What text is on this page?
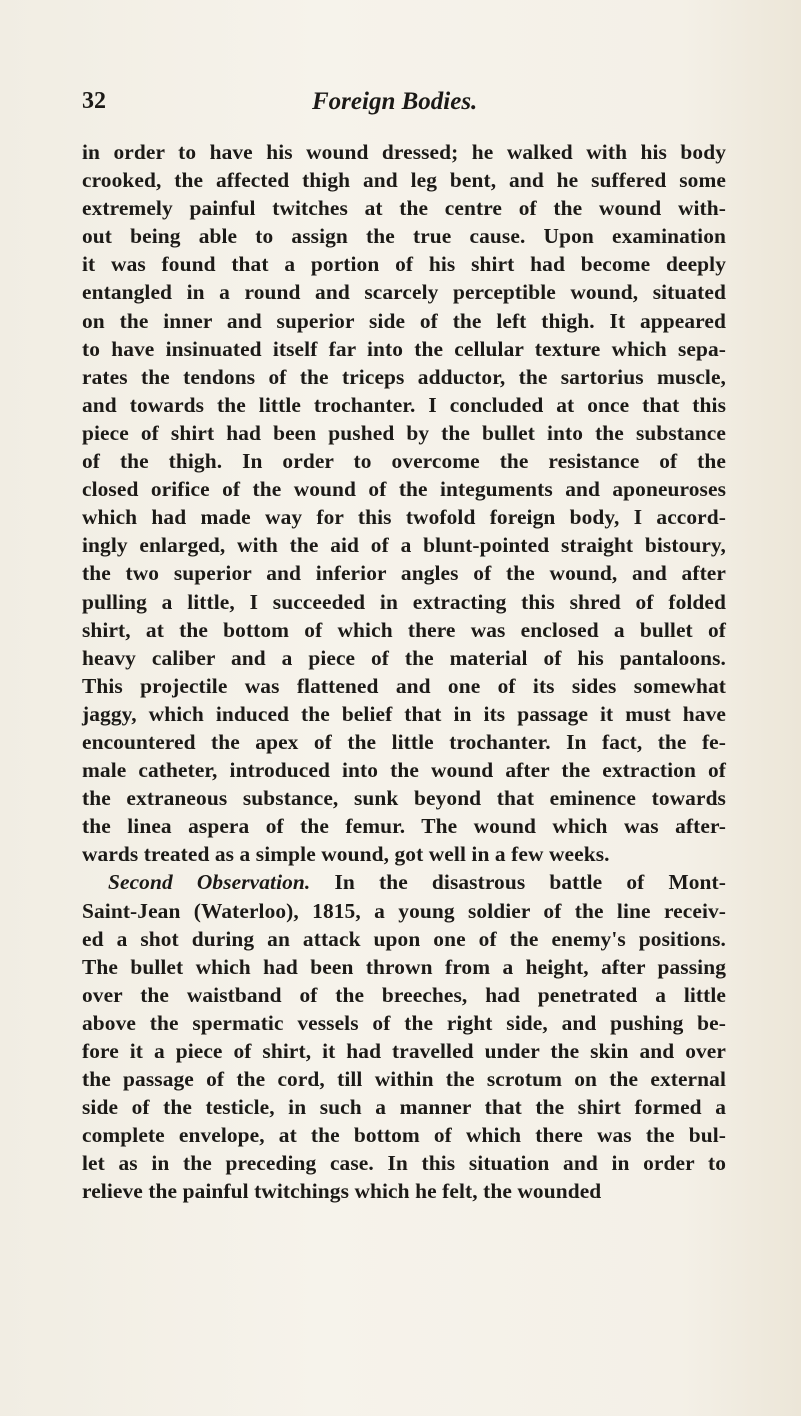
32	Foreign Bodies.
in order to have his wound dressed; he walked with his body
crooked, the affected thigh and leg bent, and he suffered some
extremely painful twitches at the centre of the wound with-
out being able to assign the true cause. Upon examination
it was found that a portion of his shirt had become deeply
entangled in a round and scarcely perceptible wound, situated
on the inner and superior side of the left thigh. It appeared
to have insinuated itself far into the cellular texture which sepa-
rates the tendons of the triceps adductor, the sartorius muscle,
and towards the little trochanter. I concluded at once that this
piece of shirt had been pushed by the bullet into the substance
of the thigh. In order to overcome the resistance of the
closed orifice of the wound of the integuments and aponeuroses
which had made way for this twofold foreign body, I accord-
ingly enlarged, with the aid of a blunt-pointed straight bistoury,
the two superior and inferior angles of the wound, and after
pulling a little, I succeeded in extracting this shred of folded
shirt, at the bottom of which there was enclosed a bullet of
heavy caliber and a piece of the material of his pantaloons.
This projectile was flattened and one of its sides somewhat
jaggy, which induced the belief that in its passage it must have
encountered the apex of the little trochanter. In fact, the fe-
male catheter, introduced into the wound after the extraction of
the extraneous substance, sunk beyond that eminence towards
the linea aspera of the femur. The wound which was after-
wards treated as a simple wound, got well in a few weeks.
Second Observation. In the disastrous battle of Mont-
Saint-Jean (Waterloo), 1815, a young soldier of the line receiv-
ed a shot during an attack upon one of the enemy's positions.
The bullet which had been thrown from a height, after passing
over the waistband of the breeches, had penetrated a little
above the spermatic vessels of the right side, and pushing be-
fore it a piece of shirt, it had travelled under the skin and over
the passage of the cord, till within the scrotum on the external
side of the testicle, in such a manner that the shirt formed a
complete envelope, at the bottom of which there was the bul-
let as in the preceding case. In this situation and in order to
relieve the painful twitchings which he felt, the wounded
